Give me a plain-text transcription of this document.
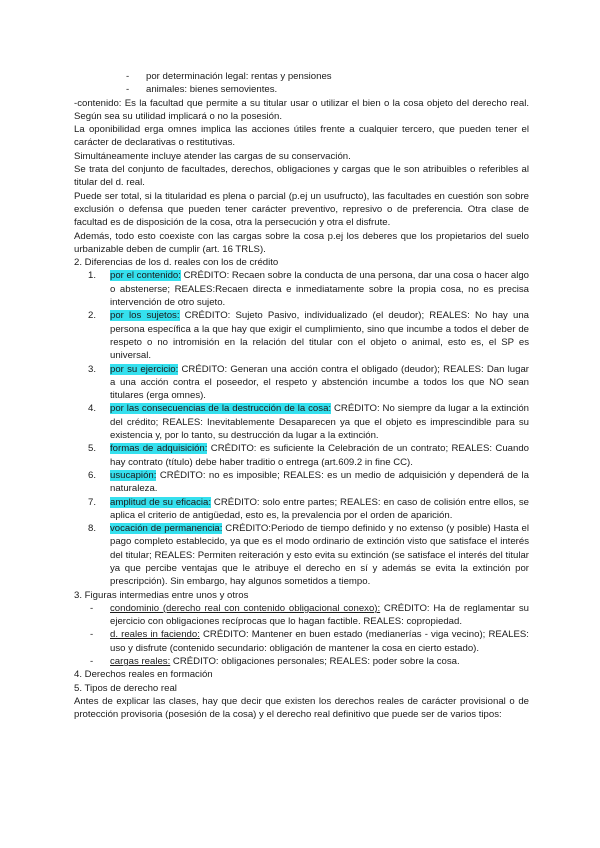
- por determinación legal: rentas y pensiones
- animales: bienes semovientes.

-contenido: Es la facultad que permite a su titular usar o utilizar el bien o la cosa objeto del derecho real. Según sea su utilidad implicará o no la posesión.

La oponibilidad erga omnes implica las acciones útiles frente a cualquier tercero, que pueden tener el carácter de declarativas o restitutivas.

Simultáneamente incluye atender las cargas de su conservación.

Se trata del conjunto de facultades, derechos, obligaciones y cargas que le son atribuibles o referibles al titular del d. real.

Puede ser total, si la titularidad es plena o parcial (p.ej un usufructo), las facultades en cuestión son sobre exclusión o defensa que pueden tener carácter preventivo, represivo o de preferencia. Otra clase de facultad es de disposición de la cosa, otra la persecución y otra el disfrute.

Además, todo esto coexiste con las cargas sobre la cosa p.ej los deberes que los propietarios del suelo urbanizable deben de cumplir (art. 16 TRLS).

2. Diferencias de los d. reales con los de crédito

1. por el contenido: CRÉDITO: Recaen sobre la conducta de una persona, dar una cosa o hacer algo o abstenerse; REALES:Recaen directa e inmediatamente sobre la propia cosa, no es precisa intervención de otro sujeto.
2. por los sujetos: CRÉDITO: Sujeto Pasivo, individualizado (el deudor); REALES: No hay una persona específica a la que hay que exigir el cumplimiento, sino que incumbe a todos el deber de respeto o no intromisión en la relación del titular con el objeto o animal, esto es, el SP es universal.
3. por su ejercicio: CRÉDITO: Generan una acción contra el obligado (deudor); REALES: Dan lugar a una acción contra el poseedor, el respeto y abstención incumbe a todos los que NO sean titulares (erga omnes).
4. por las consecuencias de la destrucción de la cosa: CRÉDITO: No siempre da lugar a la extinción del crédito; REALES: Inevitablemente Desaparecen ya que el objeto es imprescindible para su existencia y, por lo tanto, su destrucción da lugar a la extinción.
5. formas de adquisición: CRÉDITO: es suficiente la Celebración de un contrato; REALES: Cuando hay contrato (título) debe haber traditio o entrega (art.609.2 in fine CC).
6. usucapión: CRÉDITO: no es imposible; REALES: es un medio de adquisición y dependerá de la naturaleza.
7. amplitud de su eficacia: CRÉDITO: solo entre partes; REALES: en caso de colisión entre ellos, se aplica el criterio de antigüedad, esto es, la prevalencia por el orden de aparición.
8. vocación de permanencia: CRÉDITO:Periodo de tiempo definido y no extenso (y posible) Hasta el pago completo establecido, ya que es el modo ordinario de extinción visto que satisface el interés del titular; REALES: Permiten reiteración y esto evita su extinción (se satisface el interés del titular ya que percibe ventajas que le atribuye el derecho en sí y además se evita la extinción por prescripción). Sin embargo, hay algunos sometidos a tiempo.

3. Figuras intermedias entre unos y otros

- condominio (derecho real con contenido obligacional conexo): CRÉDITO: Ha de reglamentar su ejercicio con obligaciones recíprocas que lo hagan factible. REALES: copropiedad.
- d. reales in faciendo: CRÉDITO: Mantener en buen estado (medianerías - viga vecino); REALES: uso y disfrute (contenido secundario: obligación de mantener la cosa en cierto estado).
- cargas reales: CRÉDITO: obligaciones personales; REALES: poder sobre la cosa.

4. Derechos reales en formación

5. Tipos de derecho real

Antes de explicar las clases, hay que decir que existen los derechos reales de carácter provisional o de protección provisoria (posesión de la cosa) y el derecho real definitivo que puede ser de varios tipos:
